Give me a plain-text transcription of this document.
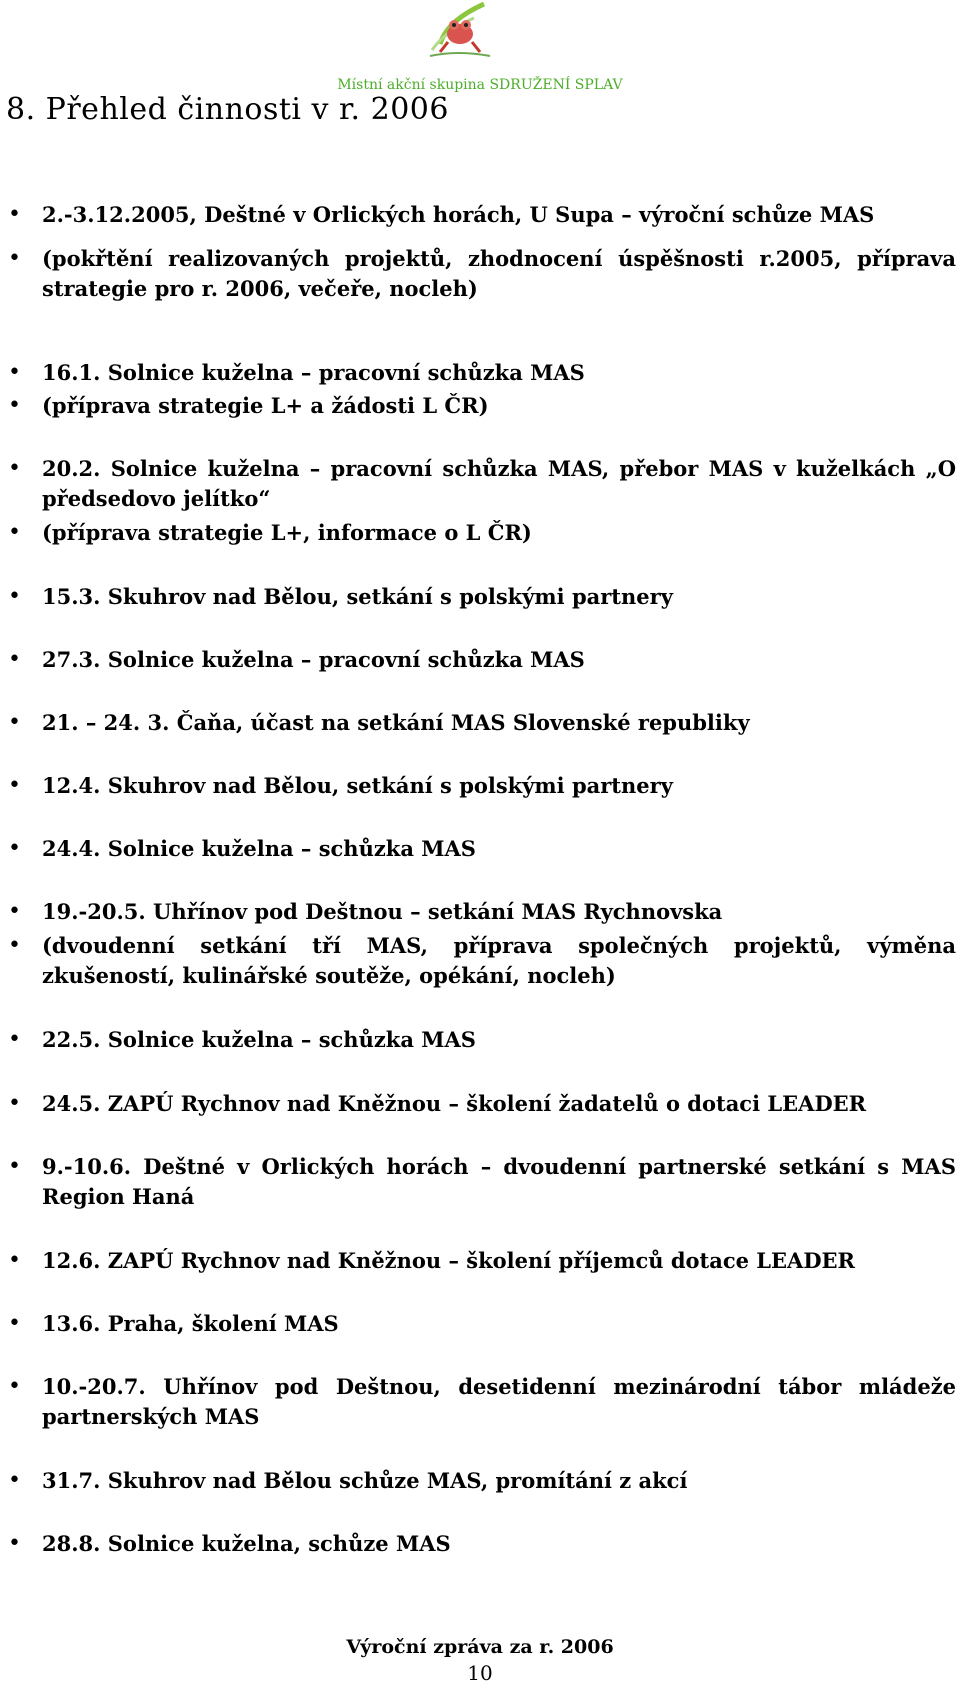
Místní akční skupina SDRUŽENÍ SPLAV
8. Přehled činnosti v r. 2006
• 2.-3.12.2005, Deštné v Orlických horách, U Supa – výroční schůze MAS
• (pokřtění realizovaných projektů, zhodnocení úspěšnosti r.2005, příprava strategie pro r. 2006, večeře, nocleh)
• 16.1. Solnice kuželna – pracovní schůzka MAS
• (příprava strategie L+ a žádosti L ČR)
• 20.2. Solnice kuželna – pracovní schůzka MAS, přebor MAS v kuželkách „O předsedovo jelítko“
• (příprava strategie L+, informace o L ČR)
• 15.3. Skuhrov nad Bělou, setkání s polskými partnery
• 27.3. Solnice kuželna – pracovní schůzka MAS
• 21. – 24. 3. Čaňa, účast na setkání MAS Slovenské republiky
• 12.4. Skuhrov nad Bělou, setkání s polskými partnery
• 24.4. Solnice kuželna – schůzka MAS
• 19.-20.5. Uhřínov pod Deštnou – setkání MAS Rychnovska
• (dvoudenní setkání tří MAS, příprava společných projektů, výměna zkušeností, kulinářské soutěže, opékání, nocleh)
• 22.5. Solnice kuželna – schůzka MAS
• 24.5. ZAPÚ Rychnov nad Kněžnou – školení žadatelů o dotaci LEADER
• 9.-10.6. Deštné v Orlických horách – dvoudenní partnerské setkání s MAS Region Haná
• 12.6. ZAPÚ Rychnov nad Kněžnou – školení příjemců dotace LEADER
• 13.6. Praha, školení MAS
• 10.-20.7. Uhřínov pod Deštnou, desetidenní mezinárodní tábor mládeže partnerských MAS
• 31.7. Skuhrov nad Bělou schůze MAS, promítání z akcí
• 28.8. Solnice kuželna, schůze MAS
Výroční zpráva za r. 2006
10
